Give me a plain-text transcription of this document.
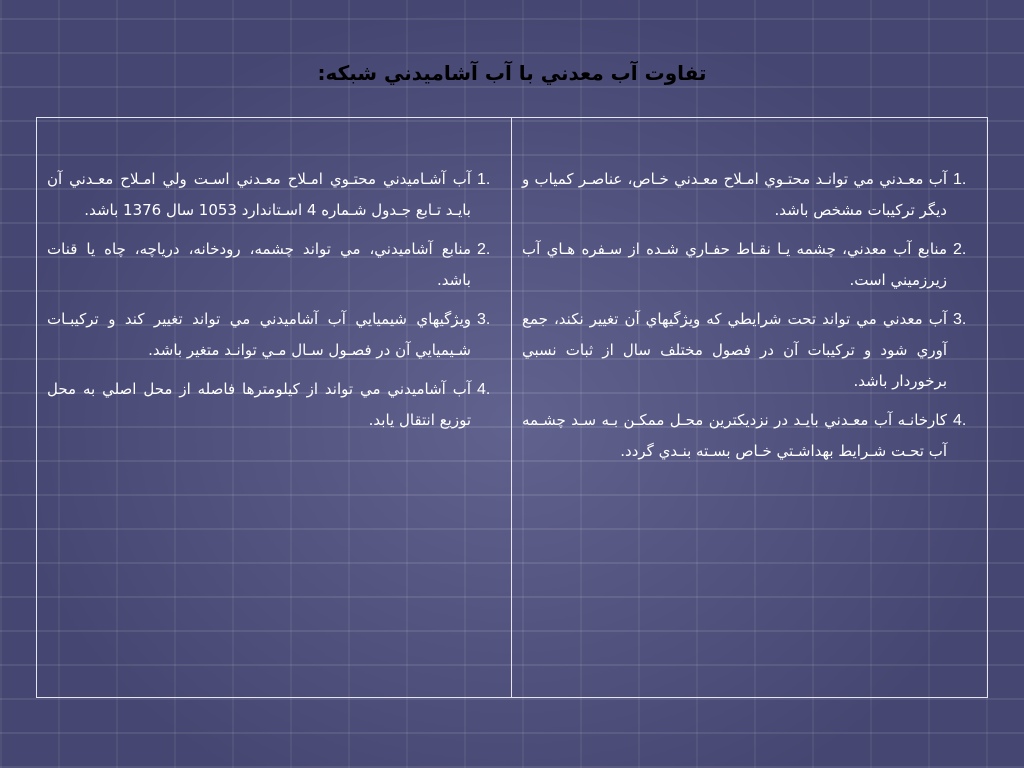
تفاوت آب معدني با آب آشاميدني شبکه:
آب آشـاميدني محتـوي امـلاح معـدني اسـت ولي امـلاح معـدني آن بايـد تـابع جـدول شـماره 4 اسـتاندارد 1053 سال 1376 باشد.
1.
منابع آشاميدني، مي تواند چشمه، رودخانه، درياچه، چاه يا قنات باشد.
2.
ويژگيهاي شيميايي آب آشاميدني مي تواند تغيير کند و ترکيبـات شـيميايي آن در فصـول سـال مـي توانـد متغير باشد.
3.
آب آشاميدني مي تواند از کيلومترها فاصله از محل اصلي به محل توزيع انتقال يابد.
4.
آب معـدني مي توانـد محتـوي امـلاح معـدني خـاص، عناصـر کمياب و ديگر ترکيبات مشخص باشد.
1.
منابع آب معدني، چشمه يـا نقـاط حفـاري شـده از سـفره هـاي آب زيرزميني است.
2.
آب معدني مي تواند تحت شرايطي که ويژگيهاي آن تغيير نکند، جمع آوري شود و ترکيبات آن در فصول مختلف سال از ثبات نسبي برخوردار باشد.
3.
کارخانـه آب معـدني بايـد در نزديکترين محـل ممکـن بـه سـد چشـمه آب تحـت شـرايط بهداشـتي خـاص بسـته بنـدي گردد.
4.
